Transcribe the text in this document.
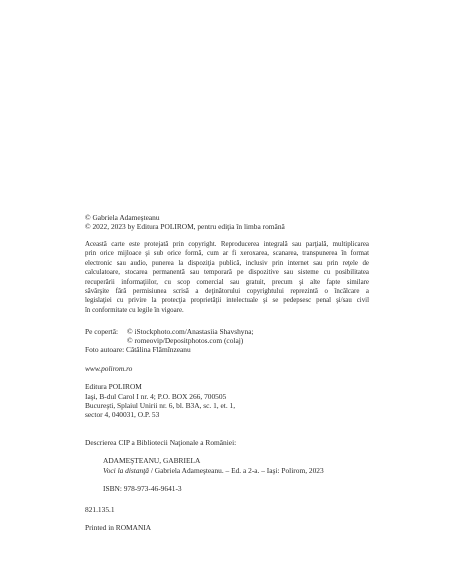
© Gabriela Adameşteanu
© 2022, 2023 by Editura POLIROM, pentru ediţia în limba română
Această carte este protejată prin copyright. Reproducerea integrală sau parţială, multiplicarea
prin orice mijloace şi sub orice formă, cum ar fi xeroxarea, scanarea, transpunerea în format
electronic sau audio, punerea la dispoziţia publică, inclusiv prin internet sau prin reţele de
calculatoare, stocarea permanentă sau temporară pe dispozitive sau sisteme cu posibilitatea
recuperării informaţiilor, cu scop comercial sau gratuit, precum şi alte fapte similare
săvârşite fără permisiunea scrisă a deţinătorului copyrightului reprezintă o încălcare a
legislaţiei cu privire la protecţia proprietăţii intelectuale şi se pedepsesc penal şi/sau civil
în conformitate cu legile în vigoare.
Pe copertă: © iStockphoto.com/Anastasiia Shavshyna;
© romeovip/Depositphotos.com (colaj)
Foto autoare: Cătălina Flămînzeanu
www.polirom.ro
Editura POLIROM
Iaşi, B-dul Carol I nr. 4; P.O. BOX 266, 700505
Bucureşti, Splaiul Unirii nr. 6, bl. B3A, sc. 1, et. 1,
sector 4, 040031, O.P. 53
Descrierea CIP a Bibliotecii Naţionale a României:
ADAMEŞTEANU, GABRIELA
Voci la distanţă / Gabriela Adameşteanu. – Ed. a 2-a. – Iaşi: Polirom, 2023
ISBN: 978-973-46-9641-3
821.135.1
Printed in ROMANIA
